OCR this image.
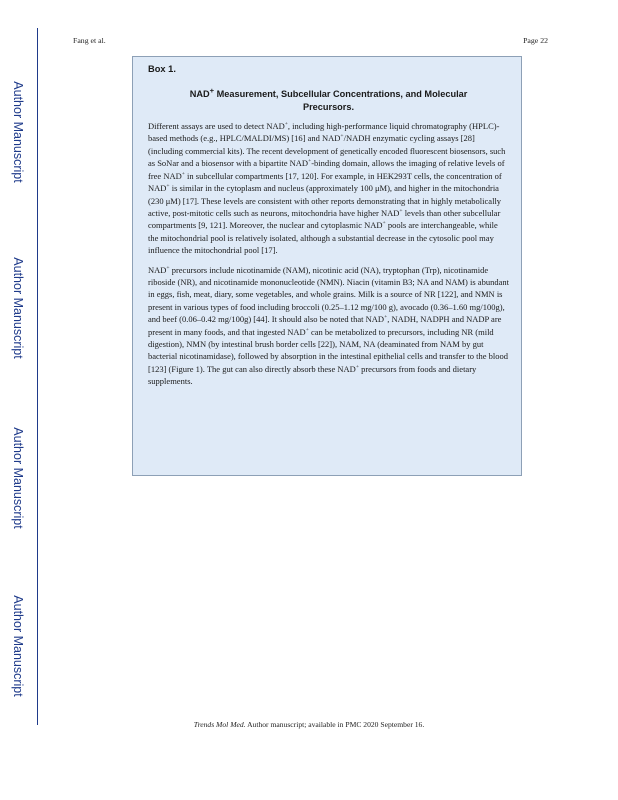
Author Manuscript
Author Manuscript
Author Manuscript
Author Manuscript
Fang et al.	Page 22

Box 1.

NAD+ Measurement, Subcellular Concentrations, and Molecular Precursors.

Different assays are used to detect NAD+, including high-performance liquid chromatography (HPLC)-based methods (e.g., HPLC/MALDI/MS) [16] and NAD+/NADH enzymatic cycling assays [28] (including commercial kits). The recent development of genetically encoded fluorescent biosensors, such as SoNar and a biosensor with a bipartite NAD+-binding domain, allows the imaging of relative levels of free NAD+ in subcellular compartments [17, 120]. For example, in HEK293T cells, the concentration of NAD+ is similar in the cytoplasm and nucleus (approximately 100 μM), and higher in the mitochondria (230 μM) [17]. These levels are consistent with other reports demonstrating that in highly metabolically active, post-mitotic cells such as neurons, mitochondria have higher NAD+ levels than other subcellular compartments [9, 121]. Moreover, the nuclear and cytoplasmic NAD+ pools are interchangeable, while the mitochondrial pool is relatively isolated, although a substantial decrease in the cytosolic pool may influence the mitochondrial pool [17].

NAD+ precursors include nicotinamide (NAM), nicotinic acid (NA), tryptophan (Trp), nicotinamide riboside (NR), and nicotinamide mononucleotide (NMN). Niacin (vitamin B3; NA and NAM) is abundant in eggs, fish, meat, diary, some vegetables, and whole grains. Milk is a source of NR [122], and NMN is present in various types of food including broccoli (0.25–1.12 mg/100 g), avocado (0.36–1.60 mg/100g), and beef (0.06–0.42 mg/100g) [44]. It should also be noted that NAD+, NADH, NADPH and NADP are present in many foods, and that ingested NAD+ can be metabolized to precursors, including NR (mild digestion), NMN (by intestinal brush border cells [22]), NAM, NA (deaminated from NAM by gut bacterial nicotinamidase), followed by absorption in the intestinal epithelial cells and transfer to the blood [123] (Figure 1). The gut can also directly absorb these NAD+ precursors from foods and dietary supplements.

Trends Mol Med. Author manuscript; available in PMC 2020 September 16.
